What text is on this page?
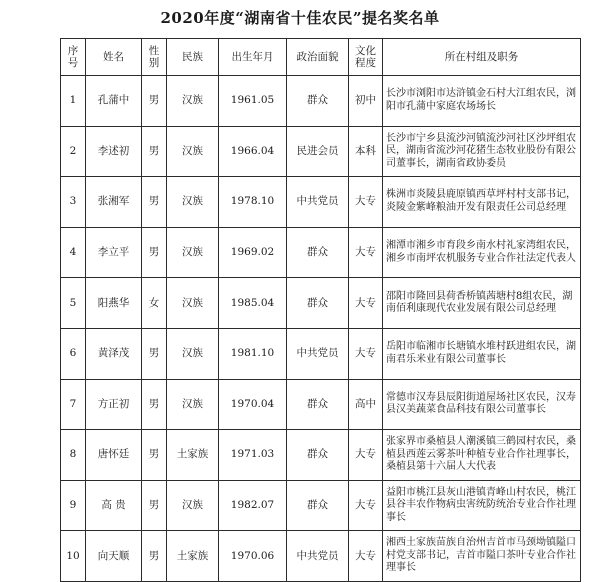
2020年度“湖南省十佳农民”提名奖名单
序号	姓名	性别	民族	出生年月	政治面貌	文化程度	所在村组及职务
1	孔蒲中	男	汉族	1961.05	群众	初中	长沙市浏阳市达浒镇金石村大江组农民，浏阳市孔蒲中家庭农场场长
2	李述初	男	汉族	1966.04	民进会员	本科	长沙市宁乡县流沙河镇流沙河社区沙坪组农民，湖南省流沙河花猪生态牧业股份有限公司董事长，湖南省政协委员
3	张湘军	男	汉族	1978.10	中共党员	大专	株洲市炎陵县鹿原镇西草坪村村支部书记，炎陵金紫峰粮油开发有限责任公司总经理
4	李立平	男	汉族	1969.02	群众	大专	湘潭市湘乡市育段乡南水村礼家湾组农民，湘乡市南坪农机服务专业合作社法定代表人
5	阳燕华	女	汉族	1985.04	群众	大专	邵阳市隆回县荷香桥镇茜塘村8组农民，湖南佰利康现代农业发展有限公司总经理
6	黄泽茂	男	汉族	1981.10	中共党员	大专	岳阳市临湘市长塘镇水堆村跃进组农民，湖南君乐米业有限公司董事长
7	方正初	男	汉族	1970.04	群众	高中	常德市汉寿县辰阳街道屋场社区农民，汉寿县汉美蔬菜食品科技有限公司董事长
8	唐怀廷	男	土家族	1971.03	群众	大专	张家界市桑植县人潮溪镇三鹤园村农民，桑植县西莲云雾茶叶种植专业合作社理事长，桑植县第十六届人大代表
9	高 贵	男	汉族	1982.07	群众	大专	益阳市桃江县灰山港镇青峰山村农民，桃江县谷丰农作物病虫害统防统治专业合作社理事长
10	向天顺	男	土家族	1970.06	中共党员	大专	湘西土家族苗族自治州吉首市马颈坳镇隘口村党支部书记，吉首市隘口茶叶专业合作社理事长
